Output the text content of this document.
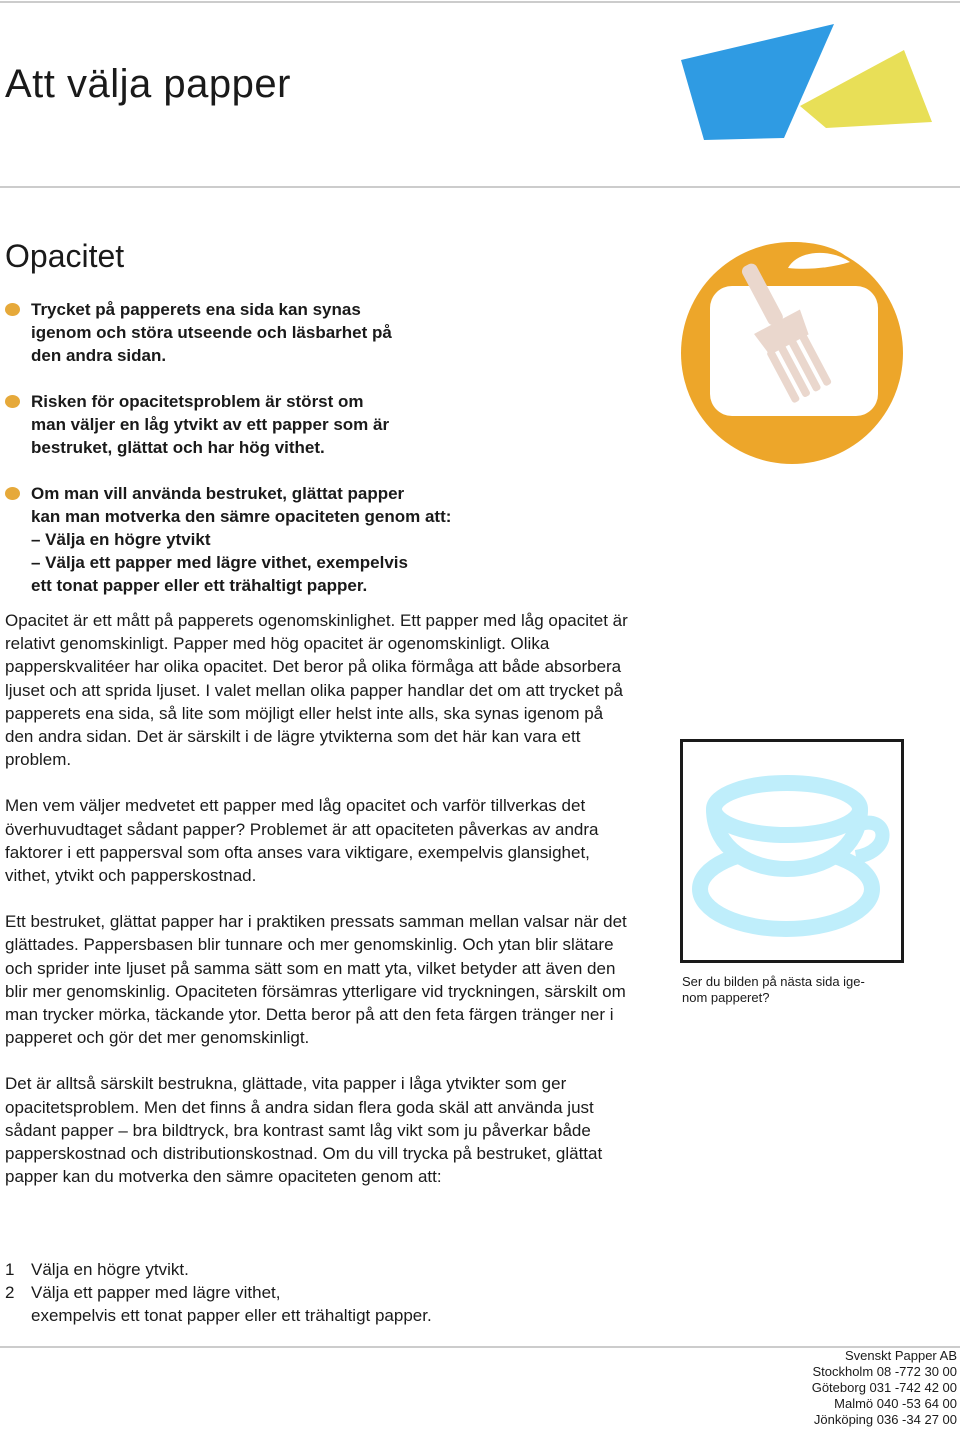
Att välja papper
Opacitet
Trycket på papperets ena sida kan synas
igenom och störa utseende och läsbarhet på
den andra sidan.
Risken för opacitetsproblem är störst om
man väljer en låg ytvikt av ett papper som är
bestruket, glättat och har hög vithet.
Om man vill använda bestruket, glättat papper
kan man motverka den sämre opaciteten genom att:
– Välja en högre ytvikt
– Välja ett papper med lägre vithet, exempelvis
ett tonat papper eller ett trähaltigt papper.

Opacitet är ett mått på papperets ogenomskinlighet. Ett papper med låg opacitet är relativt genomskinligt. Papper med hög opacitet är ogenomskinligt. Olika papperskvalitéer har olika opacitet. Det beror på olika förmåga att både absorbera ljuset och att sprida ljuset. I valet mellan olika papper handlar det om att trycket på papperets ena sida, så lite som möjligt eller helst inte alls, ska synas igenom på den andra sidan. Det är särskilt i de lägre ytvikterna som det här kan vara ett problem.

Men vem väljer medvetet ett papper med låg opacitet och varför tillverkas det överhuvudtaget sådant papper? Problemet är att opaciteten påverkas av andra faktorer i ett pappersval som ofta anses vara viktigare, exempelvis glansighet, vithet, ytvikt och papperskostnad.

Ett bestruket, glättat papper har i praktiken pressats samman mellan valsar när det glättades. Pappersbasen blir tunnare och mer genomskinlig. Och ytan blir slätare och sprider inte ljuset på samma sätt som en matt yta, vilket betyder att även den blir mer genomskinlig. Opaciteten försämras ytterligare vid tryckningen, särskilt om man trycker mörka, täckande ytor. Detta beror på att den feta färgen tränger ner i papperet och gör det mer genomskinligt.

Det är alltså särskilt bestrukna, glättade, vita papper i låga ytvikter som ger opacitetsproblem. Men det finns å andra sidan flera goda skäl att använda just sådant papper – bra bildtryck, bra kontrast samt låg vikt som ju påverkar både papperskostnad och distributionskostnad. Om du vill trycka på bestruket, glättat papper kan du motverka den sämre opaciteten genom att:

Ser du bilden på nästa sida ige-
nom papperet?
1 Välja en högre ytvikt.
2 Välja ett papper med lägre vithet,
exempelvis ett tonat papper eller ett trähaltigt papper.
Svenskt Papper AB
Stockholm 08 -772 30 00
Göteborg 031 -742 42 00
Malmö 040 -53 64 00
Jönköping 036 -34 27 00
